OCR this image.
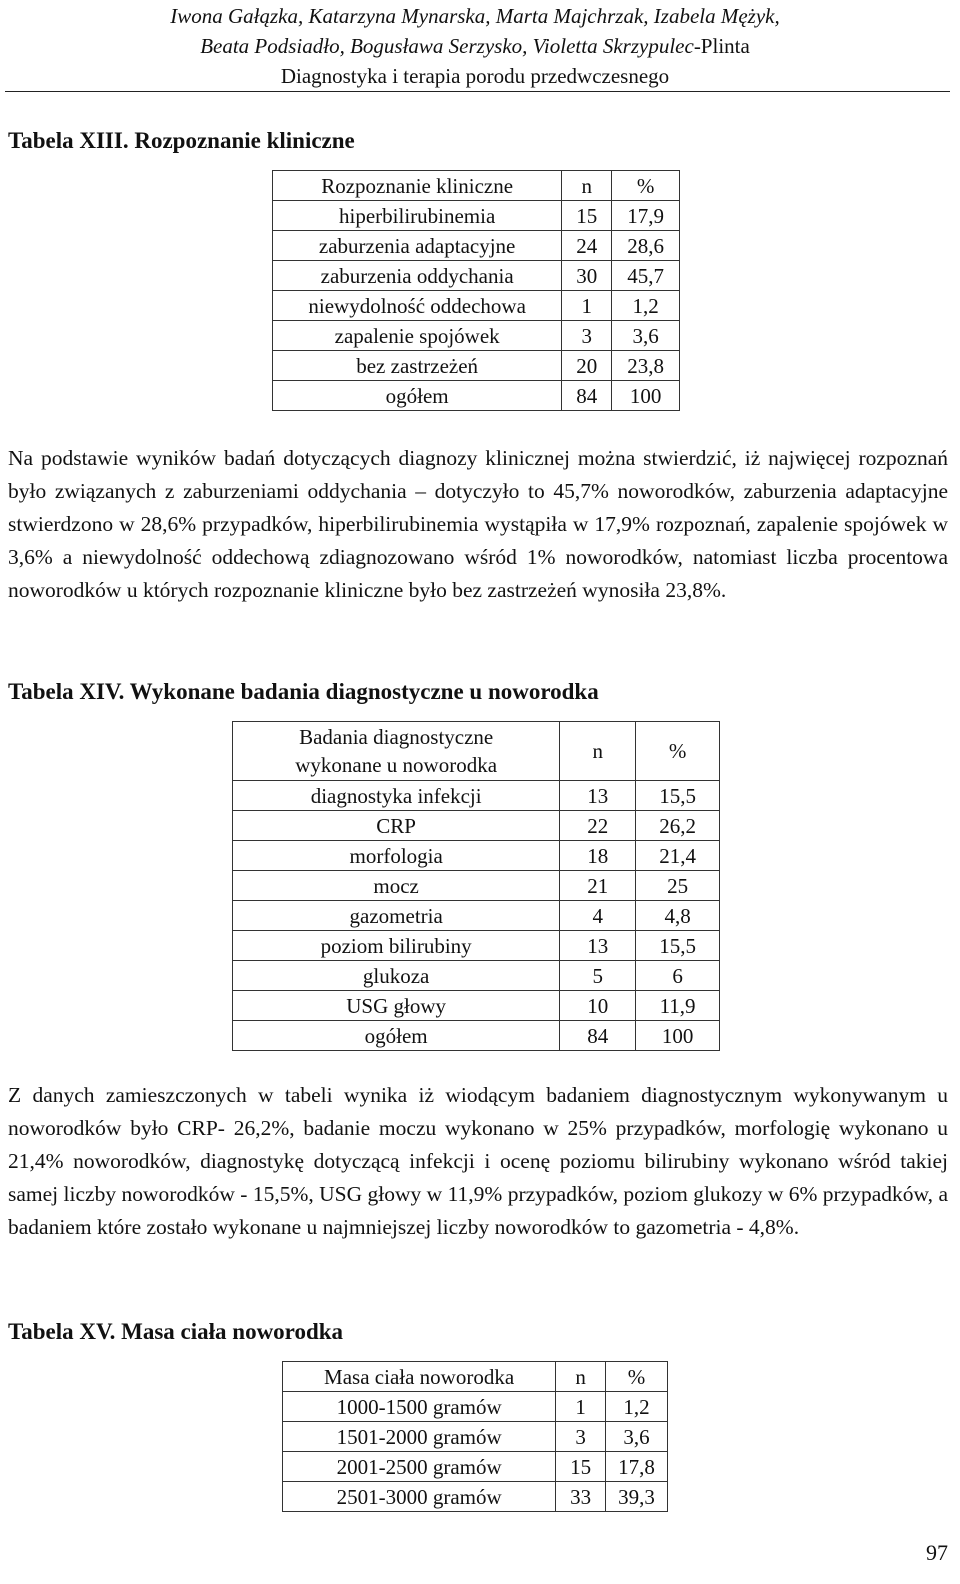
Iwona Gałązka, Katarzyna Mynarska, Marta Majchrzak, Izabela Mężyk,
Beata Podsiadło, Bogusława Serzysko, Violetta Skrzypulec-Plinta
Diagnostyka i terapia porodu przedwczesnego

Tabela XIII. Rozpoznanie kliniczne

Rozpoznanie kliniczne	n	%
hiperbilirubinemia	15	17,9
zaburzenia adaptacyjne	24	28,6
zaburzenia oddychania	30	45,7
niewydolność oddechowa	1	1,2
zapalenie spojówek	3	3,6
bez zastrzeżeń	20	23,8
ogółem	84	100

Na podstawie wyników badań dotyczących diagnozy klinicznej można stwierdzić, iż najwięcej rozpoznań było związanych z zaburzeniami oddychania – dotyczyło to 45,7% noworodków, zaburzenia adaptacyjne stwierdzono w 28,6% przypadków, hiperbilirubinemia wystąpiła w 17,9% rozpoznań, zapalenie spojówek w 3,6% a niewydolność oddechową zdiagnozowano wśród 1% noworodków, natomiast liczba procentowa noworodków u których rozpoznanie kliniczne było bez zastrzeżeń wynosiła 23,8%.

Tabela XIV. Wykonane badania diagnostyczne u noworodka

Badania diagnostyczne
wykonane u noworodka	n	%
diagnostyka infekcji	13	15,5
CRP	22	26,2
morfologia	18	21,4
mocz	21	25
gazometria	4	4,8
poziom bilirubiny	13	15,5
glukoza	5	6
USG głowy	10	11,9
ogółem	84	100

Z danych zamieszczonych w tabeli wynika iż wiodącym badaniem diagnostycznym wykonywanym u noworodków było CRP- 26,2%, badanie moczu wykonano w 25% przypadków, morfologię wykonano u 21,4% noworodków, diagnostykę dotyczącą infekcji i ocenę poziomu bilirubiny wykonano wśród takiej samej liczby noworodków - 15,5%, USG głowy w 11,9% przypadków, poziom glukozy w 6% przypadków, a badaniem które zostało wykonane u najmniejszej liczby noworodków to gazometria - 4,8%.

Tabela XV. Masa ciała noworodka

Masa ciała noworodka	n	%
1000-1500 gramów	1	1,2
1501-2000 gramów	3	3,6
2001-2500 gramów	15	17,8
2501-3000 gramów	33	39,3
97
